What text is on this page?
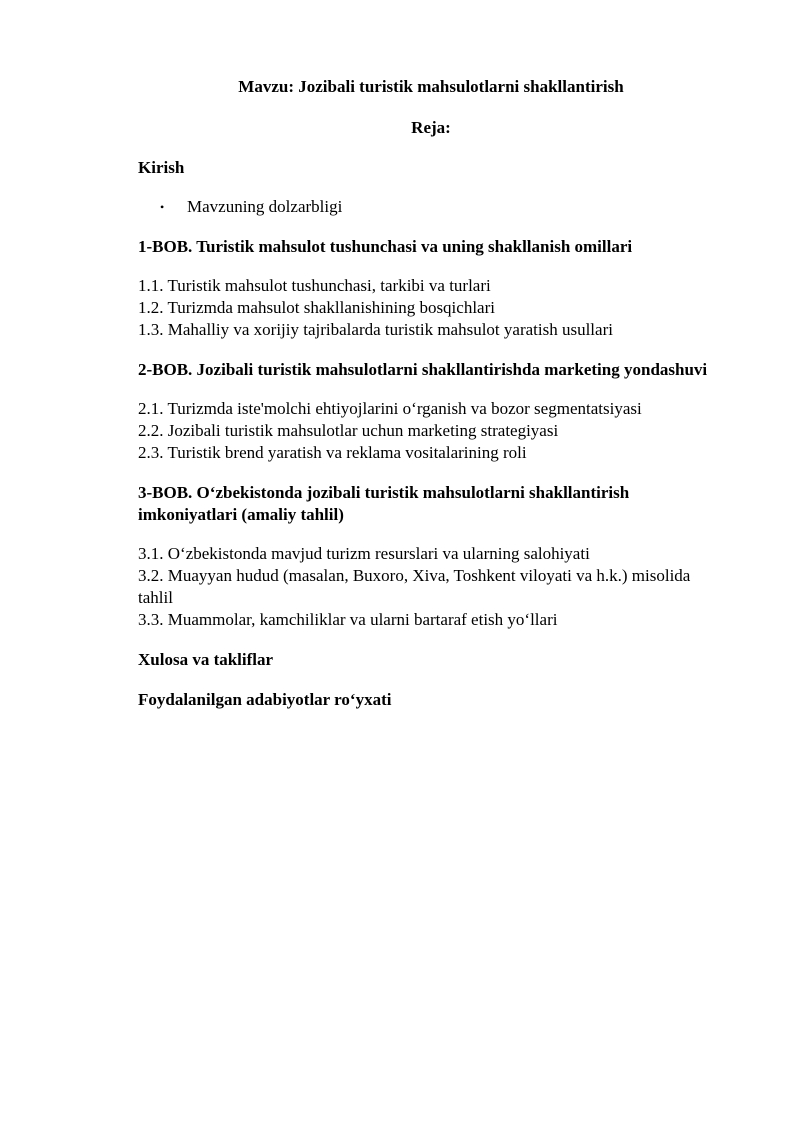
Mavzu: Jozibali turistik mahsulotlarni shakllantirish
Reja:

Kirish

• Mavzuning dolzarbligi

1-BOB. Turistik mahsulot tushunchasi va uning shakllanish omillari

1.1. Turistik mahsulot tushunchasi, tarkibi va turlari

1.2. Turizmda mahsulot shakllanishining bosqichlari

1.3. Mahalliy va xorijiy tajribalarda turistik mahsulot yaratish usullari

2-BOB. Jozibali turistik mahsulotlarni shakllantirishda marketing yondashuvi

2.1. Turizmda iste'molchi ehtiyojlarini o‘rganish va bozor segmentatsiyasi

2.2. Jozibali turistik mahsulotlar uchun marketing strategiyasi

2.3. Turistik brend yaratish va reklama vositalarining roli

3-BOB. O‘zbekistonda jozibali turistik mahsulotlarni shakllantirish imkoniyatlari (amaliy tahlil)

3.1. O‘zbekistonda mavjud turizm resurslari va ularning salohiyati

3.2. Muayyan hudud (masalan, Buxoro, Xiva, Toshkent viloyati va h.k.) misolida tahlil

3.3. Muammolar, kamchiliklar va ularni bartaraf etish yo‘llari

Xulosa va takliflar

Foydalanilgan adabiyotlar ro‘yxati
